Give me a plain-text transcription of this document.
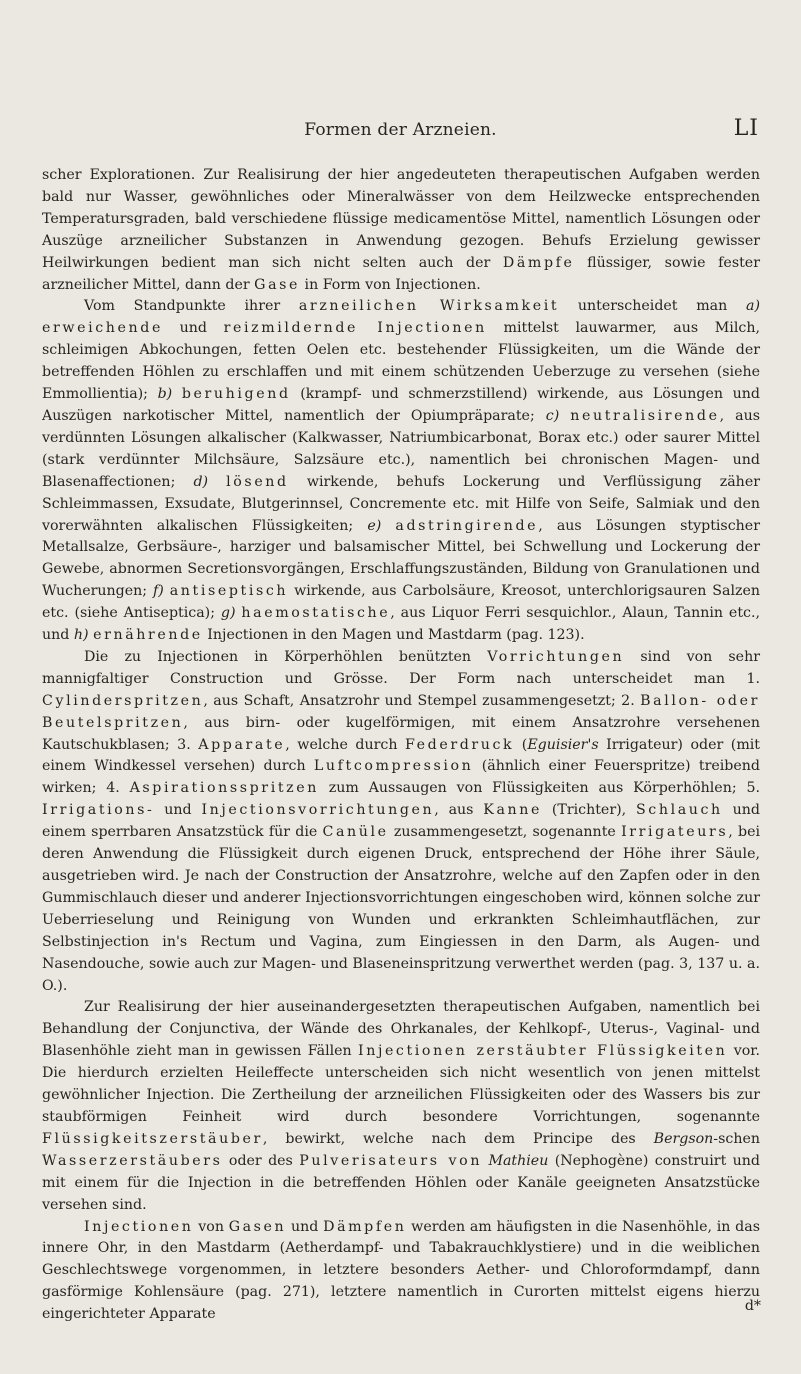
Formen der Arzneien.	LI

scher Explorationen. Zur Realisirung der hier angedeuteten therapeutischen Aufgaben werden bald nur Wasser, gewöhnliches oder Mineralwässer von dem Heilzwecke entsprechenden Temperatursgraden, bald verschiedene flüssige medicamentöse Mittel, namentlich Lösungen oder Auszüge arzneilicher Substanzen in Anwendung gezogen. Behufs Erzielung gewisser Heilwirkungen bedient man sich nicht selten auch der Dämpfe flüssiger, sowie fester arzneilicher Mittel, dann der Gase in Form von Injectionen.

Vom Standpunkte ihrer arzneilichen Wirksamkeit unterscheidet man a) erweichende und reizmildernde Injectionen mittelst lauwarmer, aus Milch, schleimigen Abkochungen, fetten Oelen etc. bestehender Flüssigkeiten, um die Wände der betreffenden Höhlen zu erschlaffen und mit einem schützenden Ueberzuge zu versehen (siehe Emmollientia); b) beruhigend (krampf- und schmerzstillend) wirkende, aus Lösungen und Auszügen narkotischer Mittel, namentlich der Opiumpräparate; c) neutralisirende, aus verdünnten Lösungen alkalischer (Kalkwasser, Natriumbicarbonat, Borax etc.) oder saurer Mittel (stark verdünnter Milchsäure, Salzsäure etc.), namentlich bei chronischen Magen- und Blasenaffectionen; d) lösend wirkende, behufs Lockerung und Verflüssigung zäher Schleimmassen, Exsudate, Blutgerinnsel, Concremente etc. mit Hilfe von Seife, Salmiak und den vorerwähnten alkalischen Flüssigkeiten; e) adstringirende, aus Lösungen styptischer Metallsalze, Gerbsäure-, harziger und balsamischer Mittel, bei Schwellung und Lockerung der Gewebe, abnormen Secretionsvorgängen, Erschlaffungszuständen, Bildung von Granulationen und Wucherungen; f) antiseptisch wirkende, aus Carbolsäure, Kreosot, unterchlorigsauren Salzen etc. (siehe Antiseptica); g) haemostatische, aus Liquor Ferri sesquichlor., Alaun, Tannin etc., und h) ernährende Injectionen in den Magen und Mastdarm (pag. 123).

Die zu Injectionen in Körperhöhlen benützten Vorrichtungen sind von sehr mannigfaltiger Construction und Grösse. Der Form nach unterscheidet man 1. Cylinderspritzen, aus Schaft, Ansatzrohr und Stempel zusammengesetzt; 2. Ballon- oder Beutelspritzen, aus birn- oder kugelförmigen, mit einem Ansatzrohre versehenen Kautschukblasen; 3. Apparate, welche durch Federdruck (Eguisier's Irrigateur) oder (mit einem Windkessel versehen) durch Luftcompression (ähnlich einer Feuerspritze) treibend wirken; 4. Aspirationsspritzen zum Aussaugen von Flüssigkeiten aus Körperhöhlen; 5. Irrigations- und Injectionsvorrichtungen, aus Kanne (Trichter), Schlauch und einem sperrbaren Ansatzstück für die Canüle zusammengesetzt, sogenannte Irrigateurs, bei deren Anwendung die Flüssigkeit durch eigenen Druck, entsprechend der Höhe ihrer Säule, ausgetrieben wird. Je nach der Construction der Ansatzrohre, welche auf den Zapfen oder in den Gummischlauch dieser und anderer Injectionsvorrichtungen eingeschoben wird, können solche zur Ueberrieselung und Reinigung von Wunden und erkrankten Schleimhautflächen, zur Selbstinjection in's Rectum und Vagina, zum Eingiessen in den Darm, als Augen- und Nasendouche, sowie auch zur Magen- und Blaseneinspritzung verwerthet werden (pag. 3, 137 u. a. O.).

Zur Realisirung der hier auseinandergesetzten therapeutischen Aufgaben, namentlich bei Behandlung der Conjunctiva, der Wände des Ohrkanales, der Kehlkopf-, Uterus-, Vaginal- und Blasenhöhle zieht man in gewissen Fällen Injectionen zerstäubter Flüssigkeiten vor. Die hierdurch erzielten Heileffecte unterscheiden sich nicht wesentlich von jenen mittelst gewöhnlicher Injection. Die Zertheilung der arzneilichen Flüssigkeiten oder des Wassers bis zur staubförmigen Feinheit wird durch besondere Vorrichtungen, sogenannte Flüssigkeitszerstäuber, bewirkt, welche nach dem Principe des Bergson-schen Wasserzerstäubers oder des Pulverisateurs von Mathieu (Nephogène) construirt und mit einem für die Injection in die betreffenden Höhlen oder Kanäle geeigneten Ansatzstücke versehen sind.

Injectionen von Gasen und Dämpfen werden am häufigsten in die Nasenhöhle, in das innere Ohr, in den Mastdarm (Aetherdampf- und Tabakrauchklystiere) und in die weiblichen Geschlechtswege vorgenommen, in letztere besonders Aether- und Chloroformdampf, dann gasförmige Kohlensäure (pag. 271), letztere namentlich in Curorten mittelst eigens hierzu eingerichteter Apparate

d*
